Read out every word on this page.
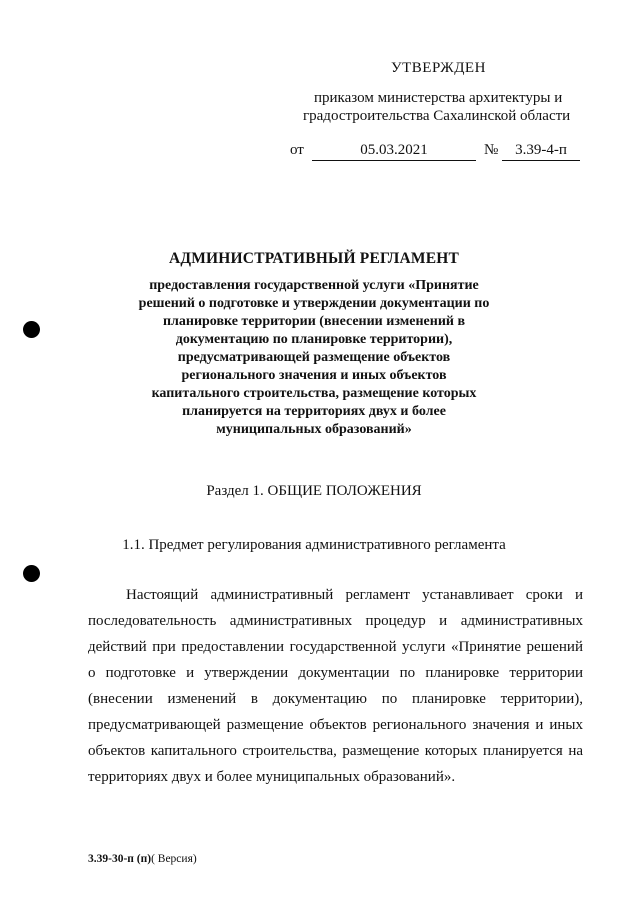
УТВЕРЖДЕН
приказом министерства архитектуры и
градостроительства Сахалинской области
от	05.03.2021	№	3.39-4-п
АДМИНИСТРАТИВНЫЙ РЕГЛАМЕНТ
предоставления государственной услуги «Принятие
решений о подготовке и утверждении документации по
планировке территории (внесении изменений в
документацию по планировке территории),
предусматривающей размещение объектов
регионального значения и иных объектов
капитального строительства, размещение которых
планируется на территориях двух и более
муниципальных образований»
Раздел 1. ОБЩИЕ ПОЛОЖЕНИЯ
1.1. Предмет регулирования административного регламента
Настоящий административный регламент устанавливает сроки и последовательность административных процедур и административных действий при предоставлении государственной услуги «Принятие решений о подготовке и утверждении документации по планировке территории (внесении изменений в документацию по планировке территории), предусматривающей размещение объектов регионального значения и иных объектов капитального строительства, размещение которых планируется на территориях двух и более муниципальных образований».
3.39-30-п (п)( Версия)
